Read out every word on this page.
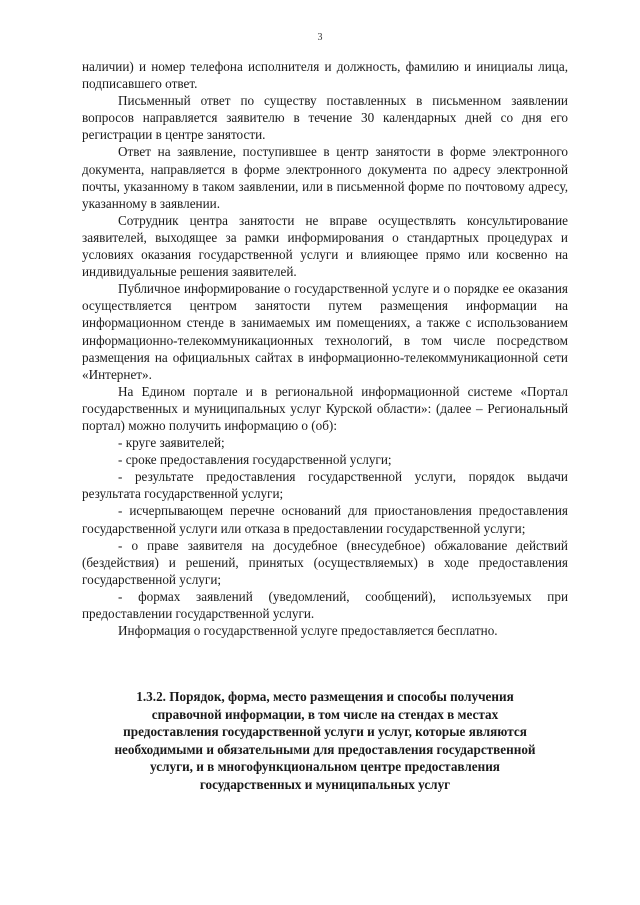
3

наличии) и номер телефона исполнителя и должность, фамилию и инициалы лица, подписавшего ответ.

Письменный ответ по существу поставленных в письменном заявлении вопросов направляется заявителю в течение 30 календарных дней со дня его регистрации в центре занятости.

Ответ на заявление, поступившее в центр занятости в форме электронного документа, направляется в форме электронного документа по адресу электронной почты, указанному в таком заявлении, или в письменной форме по почтовому адресу, указанному в заявлении.

Сотрудник центра занятости не вправе осуществлять консультирование заявителей, выходящее за рамки информирования о стандартных процедурах и условиях оказания государственной услуги и влияющее прямо или косвенно на индивидуальные решения заявителей.

Публичное информирование о государственной услуге и о порядке ее оказания осуществляется центром занятости путем размещения информации на информационном стенде в занимаемых им помещениях, а также с использованием информационно-телекоммуникационных технологий, в том числе посредством размещения на официальных сайтах в информационно-телекоммуникационной сети «Интернет».

На Едином портале и в региональной информационной системе «Портал государственных и муниципальных услуг Курской области»: (далее – Региональный портал) можно получить информацию о (об):

- круге заявителей;

- сроке предоставления государственной услуги;

- результате предоставления государственной услуги, порядок выдачи результата государственной услуги;

- исчерпывающем перечне оснований для приостановления предоставления государственной услуги или отказа в предоставлении государственной услуги;

- о праве заявителя на досудебное (внесудебное) обжалование действий (бездействия) и решений, принятых (осуществляемых) в ходе предоставления государственной услуги;

- формах заявлений (уведомлений, сообщений), используемых при предоставлении государственной услуги.

Информация о государственной услуге предоставляется бесплатно.

1.3.2. Порядок, форма, место размещения и способы получения
справочной информации, в том числе на стендах в местах
предоставления государственной услуги и услуг, которые являются
необходимыми и обязательными для предоставления государственной
услуги, и в многофункциональном центре предоставления
государственных и муниципальных услуг
